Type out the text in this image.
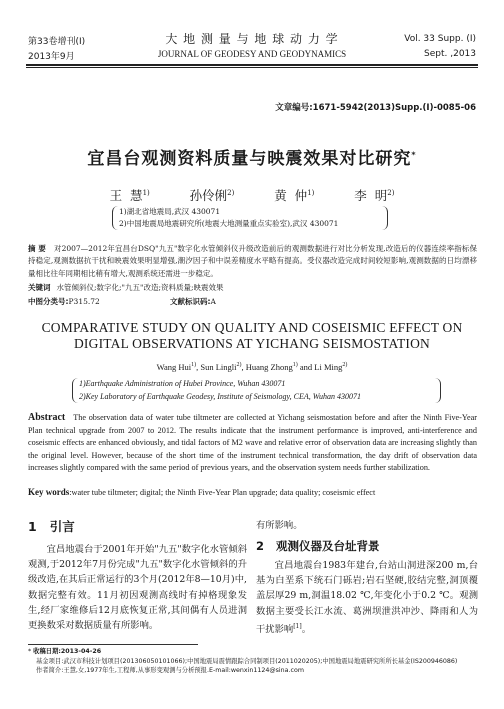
第33卷增刊(Ⅰ)
2013年9月
大 地 测 量 与 地 球 动 力 学
JOURNAL OF GEODESY AND GEODYNAMICS
Vol. 33 Supp. (Ⅰ)
Sept. ,2013
文章编号:1671-5942(2013)Supp.(Ⅰ)-0085-06
宜昌台观测资料质量与映震效果对比研究*
王 慧$^{1)}$	孙伶俐$^{2)}$	黄 仲$^{1)}$	李 明$^{2)}$
1)湖北省地震局,武汉 430071
2)中国地震局地震研究所(地震大地测量重点实验室),武汉 430071
摘 要 对2007—2012年宜昌台DSQ"九五"数字化水管倾斜仪升级改造前后的观测数据进行对比分析发现,改造后的仪器连续率指标保持稳定,观测数据抗干扰和映震效果明显增强,潮汐因子和中误差精度水平略有提高。受仪器改造完成时间较短影响,观测数据的日均漂移量相比往年同期相比稍有增大,观测系统还需进一步稳定。
关键词 水管倾斜仪;数字化;"九五"改造;资料质量;映震效果
中图分类号:P315.72	文献标识码:A
COMPARATIVE STUDY ON QUALITY AND COSEISMIC EFFECT ON
DIGITAL OBSERVATIONS AT YICHANG SEISMOSTATION
Wang Hui$^{1)}$, Sun Lingli$^{2)}$, Huang Zhong$^{1)}$ and Li Ming$^{2)}$
1)Earthquake Administration of Hubei Province, Wuhan 430071
2)Key Laboratory of Earthquake Geodesy, Institute of Seismology, CEA, Wuhan 430071
Abstract The observation data of water tube tiltmeter are collected at Yichang seismostation before and after the Ninth Five-Year Plan technical upgrade from 2007 to 2012. The results indicate that the instrument performance is improved, anti-interference and coseismic effects are enhanced obviously, and tidal factors of M2 wave and relative error of observation data are increasing slightly than the original level. However, because of the short time of the instrument technical transformation, the day drift of observation data increases slightly compared with the same period of previous years, and the observation system needs further stabilization.
Key words:water tube tiltmeter; digital; the Ninth Five-Year Plan upgrade; data quality; coseismic effect
1 引言
宜昌地震台于2001年开始"九五"数字化水管倾斜观测,于2012年7月份完成"九五"数字化水管倾斜的升级改造,在其后正常运行的3个月(2012年8—10月)中,数据完整有效。11月初因观测高线时有掉格现象发生,经厂家维修后12月底恢复正常,其间偶有人员进洞更换数采对数据质量有所影响。
有所影响。
2 观测仪器及台址背景
宜昌地震台1983年建台,台站山洞进深200 m,台基为白垩系下统石门砾岩;岩石坚硬,胶结完整,洞顶覆盖层厚29 m,洞温18.02 ℃,年变化小于0.2 ℃。观测数据主要受长江水流、葛洲坝泄洪冲沙、降雨和人为干扰影响[1]。
* 收稿日期:2013-04-26
基金项目:武汉市科技计划项目(201306050101066);中国地震局震情跟踪合同制项目(2011020205);中国地震局地震研究所所长基金(IS200946086)
作者简介:王慧,女,1977年生,工程师,从事形变观测与分析预报.E-mail:wenxin1124@sina.com
